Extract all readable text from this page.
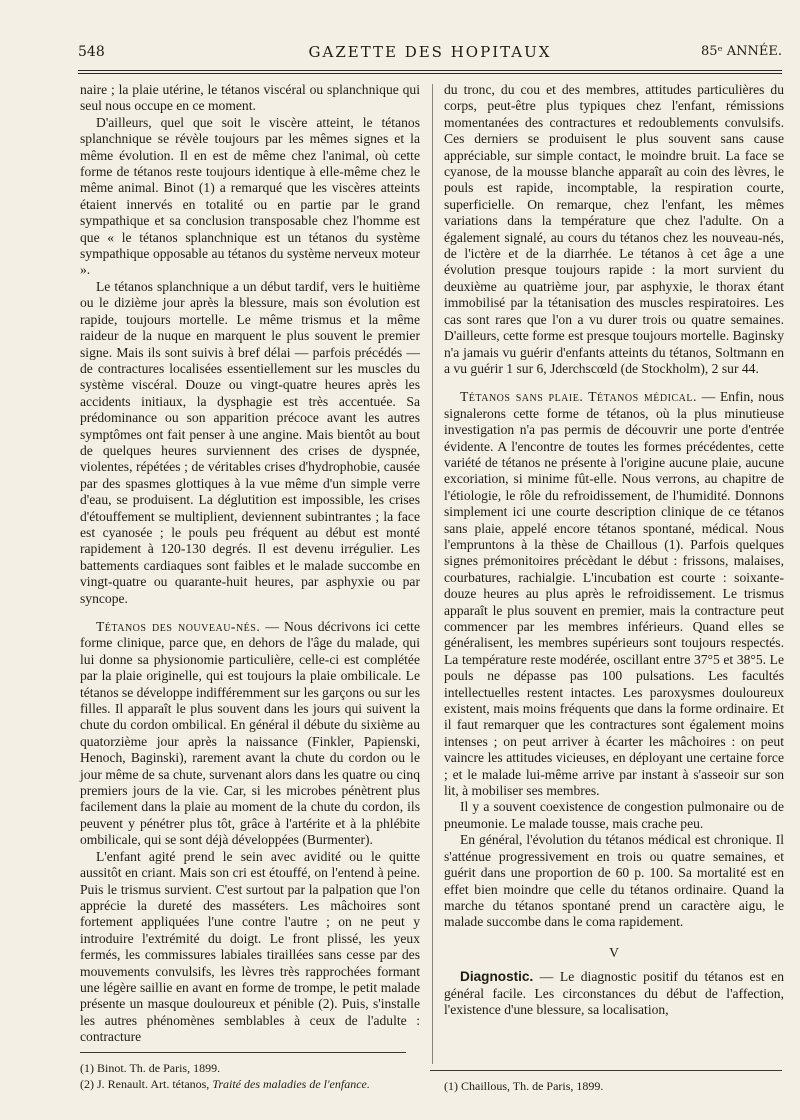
548	GAZETTE DES HOPITAUX	85ᵉ ANNÉE.

naire ; la plaie utérine, le tétanos viscéral ou splanchnique qui seul nous occupe en ce moment.

D'ailleurs, quel que soit le viscère atteint, le tétanos splanchnique se révèle toujours par les mêmes signes et la même évolution. Il en est de même chez l'animal, où cette forme de tétanos reste toujours identique à elle-même chez le même animal. Binot (1) a remarqué que les viscères atteints étaient innervés en totalité ou en partie par le grand sympathique et sa conclusion transposable chez l'homme est que « le tétanos splanchnique est un tétanos du système sympathique opposable au tétanos du système nerveux moteur ».

Le tétanos splanchnique a un début tardif, vers le huitième ou le dizième jour après la blessure, mais son évolution est rapide, toujours mortelle. Le même trismus et la même raideur de la nuque en marquent le plus souvent le premier signe. Mais ils sont suivis à bref délai — parfois précédés — de contractures localisées essentiellement sur les muscles du système viscéral. Douze ou vingt-quatre heures après les accidents initiaux, la dysphagie est très accentuée. Sa prédominance ou son apparition précoce avant les autres symptômes ont fait penser à une angine. Mais bientôt au bout de quelques heures surviennent des crises de dyspnée, violentes, répétées ; de véritables crises d'hydrophobie, causée par des spasmes glottiques à la vue même d'un simple verre d'eau, se produisent. La déglutition est impossible, les crises d'étouffement se multiplient, deviennent subintrantes ; la face est cyanosée ; le pouls peu fréquent au début est monté rapidement à 120-130 degrés. Il est devenu irrégulier. Les battements cardiaques sont faibles et le malade succombe en vingt-quatre ou quarante-huit heures, par asphyxie ou par syncope.

Tétanos des nouveau-nés. — Nous décrivons ici cette forme clinique, parce que, en dehors de l'âge du malade, qui lui donne sa physionomie particulière, celle-ci est complétée par la plaie originelle, qui est toujours la plaie ombilicale. Le tétanos se développe indifféremment sur les garçons ou sur les filles. Il apparaît le plus souvent dans les jours qui suivent la chute du cordon ombilical. En général il débute du sixième au quatorzième jour après la naissance (Finkler, Papienski, Henoch, Baginski), rarement avant la chute du cordon ou le jour même de sa chute, survenant alors dans les quatre ou cinq premiers jours de la vie. Car, si les microbes pénètrent plus facilement dans la plaie au moment de la chute du cordon, ils peuvent y pénétrer plus tôt, grâce à l'artérite et à la phlébite ombilicale, qui se sont déjà développées (Burmenter).

L'enfant agité prend le sein avec avidité ou le quitte aussitôt en criant. Mais son cri est étouffé, on l'entend à peine. Puis le trismus survient. C'est surtout par la palpation que l'on apprécie la dureté des masséters. Les mâchoires sont fortement appliquées l'une contre l'autre ; on ne peut y introduire l'extrémité du doigt. Le front plissé, les yeux fermés, les commissures labiales tiraillées sans cesse par des mouvements convulsifs, les lèvres très rapprochées formant une légère saillie en avant en forme de trompe, le petit malade présente un masque douloureux et pénible (2). Puis, s'installe les autres phénomènes semblables à ceux de l'adulte : contracture

du tronc, du cou et des membres, attitudes particulières du corps, peut-être plus typiques chez l'enfant, rémissions momentanées des contractures et redoublements convulsifs. Ces derniers se produisent le plus souvent sans cause appréciable, sur simple contact, le moindre bruit. La face se cyanose, de la mousse blanche apparaît au coin des lèvres, le pouls est rapide, incomptable, la respiration courte, superficielle. On remarque, chez l'enfant, les mêmes variations dans la température que chez l'adulte. On a également signalé, au cours du tétanos chez les nouveau-nés, de l'ictère et de la diarrhée. Le tétanos à cet âge a une évolution presque toujours rapide : la mort survient du deuxième au quatrième jour, par asphyxie, le thorax étant immobilisé par la tétanisation des muscles respiratoires. Les cas sont rares que l'on a vu durer trois ou quatre semaines. D'ailleurs, cette forme est presque toujours mortelle. Baginsky n'a jamais vu guérir d'enfants atteints du tétanos, Soltmann en a vu guérir 1 sur 6, Jderchscœld (de Stockholm), 2 sur 44.

Tétanos sans plaie. Tétanos médical. — Enfin, nous signalerons cette forme de tétanos, où la plus minutieuse investigation n'a pas permis de découvrir une porte d'entrée évidente. A l'encontre de toutes les formes précédentes, cette variété de tétanos ne présente à l'origine aucune plaie, aucune excoriation, si minime fût-elle. Nous verrons, au chapitre de l'étiologie, le rôle du refroidissement, de l'humidité. Donnons simplement ici une courte description clinique de ce tétanos sans plaie, appelé encore tétanos spontané, médical. Nous l'empruntons à la thèse de Chaillous (1). Parfois quelques signes prémonitoires précèdant le début : frissons, malaises, courbatures, rachialgie. L'incubation est courte : soixante-douze heures au plus après le refroidissement. Le trismus apparaît le plus souvent en premier, mais la contracture peut commencer par les membres inférieurs. Quand elles se généralisent, les membres supérieurs sont toujours respectés. La température reste modérée, oscillant entre 37°5 et 38°5. Le pouls ne dépasse pas 100 pulsations. Les facultés intellectuelles restent intactes. Les paroxysmes douloureux existent, mais moins fréquents que dans la forme ordinaire. Et il faut remarquer que les contractures sont également moins intenses ; on peut arriver à écarter les mâchoires : on peut vaincre les attitudes vicieuses, en déployant une certaine force ; et le malade lui-même arrive par instant à s'asseoir sur son lit, à mobiliser ses membres.

Il y a souvent coexistence de congestion pulmonaire ou de pneumonie. Le malade tousse, mais crache peu.

En général, l'évolution du tétanos médical est chronique. Il s'atténue progressivement en trois ou quatre semaines, et guérit dans une proportion de 60 p. 100. Sa mortalité est en effet bien moindre que celle du tétanos ordinaire. Quand la marche du tétanos spontané prend un caractère aigu, le malade succombe dans le coma rapidement.

V

Diagnostic. — Le diagnostic positif du tétanos est en général facile. Les circonstances du début de l'affection, l'existence d'une blessure, sa localisation,

(1) Binot. Th. de Paris, 1899.
(2) J. Renault. Art. tétanos, Traité des maladies de l'enfance.	(1) Chaillous, Th. de Paris, 1899.
